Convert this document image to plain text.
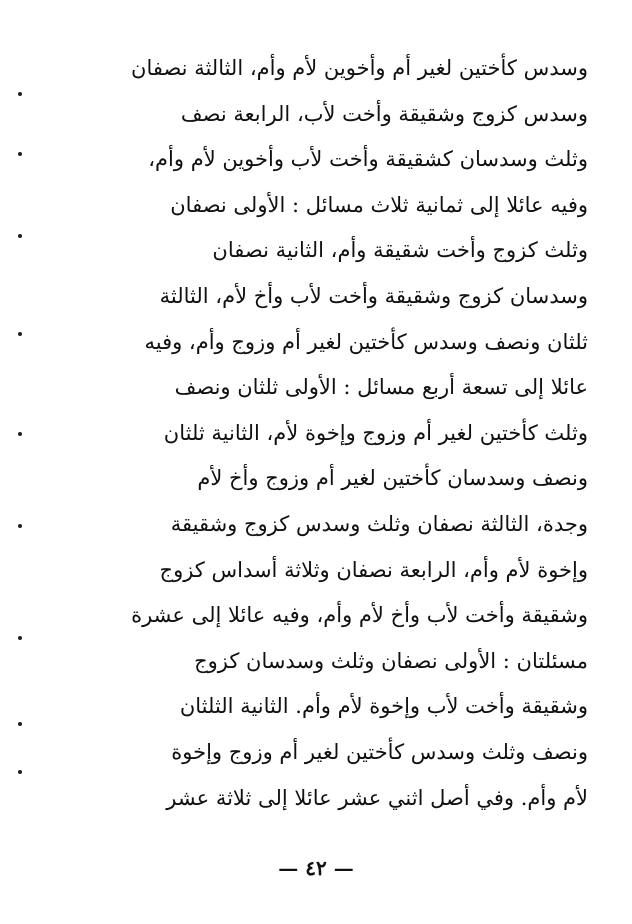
وسدس كأختين لغير أم وأخوين لأم وأم، الثالثة نصفان
وسدس كزوج وشقيقة وأخت لأب، الرابعة نصف
وثلث وسدسان كشقيقة وأخت لأب وأخوين لأم وأم،
وفيه عائلا إلى ثمانية ثلاث مسائل : الأولى نصفان
وثلث كزوج وأخت شقيقة وأم، الثانية نصفان
وسدسان كزوج وشقيقة وأخت لأب وأخ لأم، الثالثة
ثلثان ونصف وسدس كأختين لغير أم وزوج وأم، وفيه
عائلا إلى تسعة أربع مسائل : الأولى ثلثان ونصف
وثلث كأختين لغير أم وزوج وإخوة لأم، الثانية ثلثان
ونصف وسدسان كأختين لغير أم وزوج وأخ لأم
وجدة، الثالثة نصفان وثلث وسدس كزوج وشقيقة
وإخوة لأم وأم، الرابعة نصفان وثلاثة أسداس كزوج
وشقيقة وأخت لأب وأخ لأم وأم، وفيه عائلا إلى عشرة
مسئلتان : الأولى نصفان وثلث وسدسان كزوج
وشقيقة وأخت لأب وإخوة لأم وأم. الثانية الثلثان
ونصف وثلث وسدس كأختين لغير أم وزوج وإخوة
لأم وأم. وفي أصل اثني عشر عائلا إلى ثلاثة عشر
— ٤٢ —
